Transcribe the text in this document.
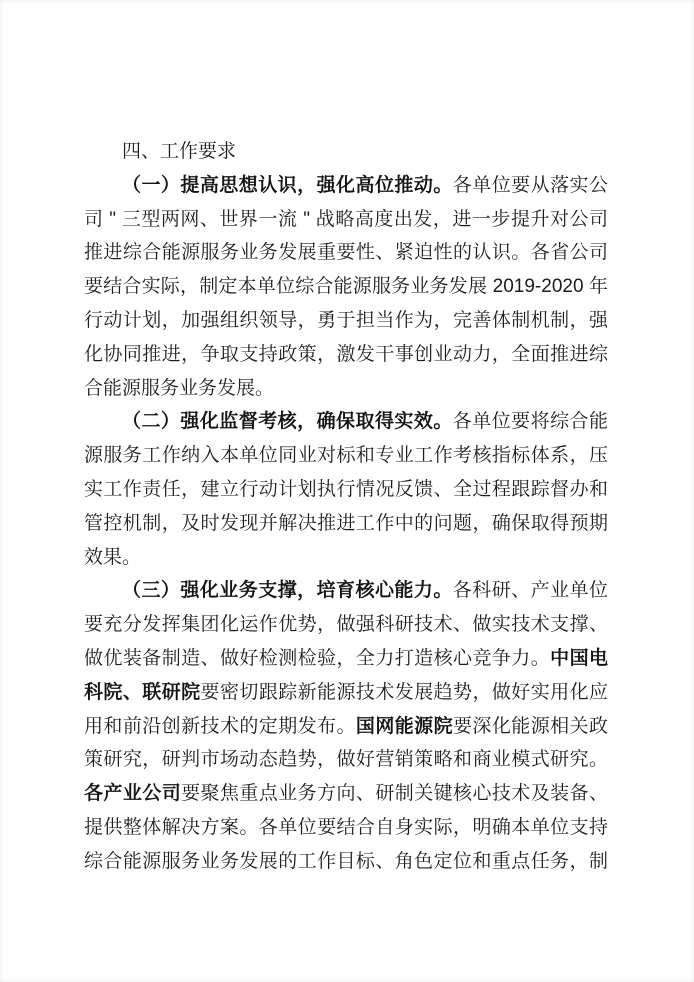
四、工作要求
（一）提高思想认识，强化高位推动。各单位要从落实公
司 " 三型两网、世界一流 " 战略高度出发，进一步提升对公司
推进综合能源服务业务发展重要性、紧迫性的认识。各省公司
要结合实际，制定本单位综合能源服务业务发展 2019-2020 年
行动计划，加强组织领导，勇于担当作为，完善体制机制，强
化协同推进，争取支持政策，激发干事创业动力，全面推进综
合能源服务业务发展。
（二）强化监督考核，确保取得实效。各单位要将综合能
源服务工作纳入本单位同业对标和专业工作考核指标体系，压
实工作责任，建立行动计划执行情况反馈、全过程跟踪督办和
管控机制，及时发现并解决推进工作中的问题，确保取得预期
效果。
（三）强化业务支撑，培育核心能力。各科研、产业单位
要充分发挥集团化运作优势，做强科研技术、做实技术支撑、
做优装备制造、做好检测检验，全力打造核心竞争力。中国电
科院、联研院要密切跟踪新能源技术发展趋势，做好实用化应
用和前沿创新技术的定期发布。国网能源院要深化能源相关政
策研究，研判市场动态趋势，做好营销策略和商业模式研究。
各产业公司要聚焦重点业务方向、研制关键核心技术及装备、
提供整体解决方案。各单位要结合自身实际，明确本单位支持
综合能源服务业务发展的工作目标、角色定位和重点任务，制
